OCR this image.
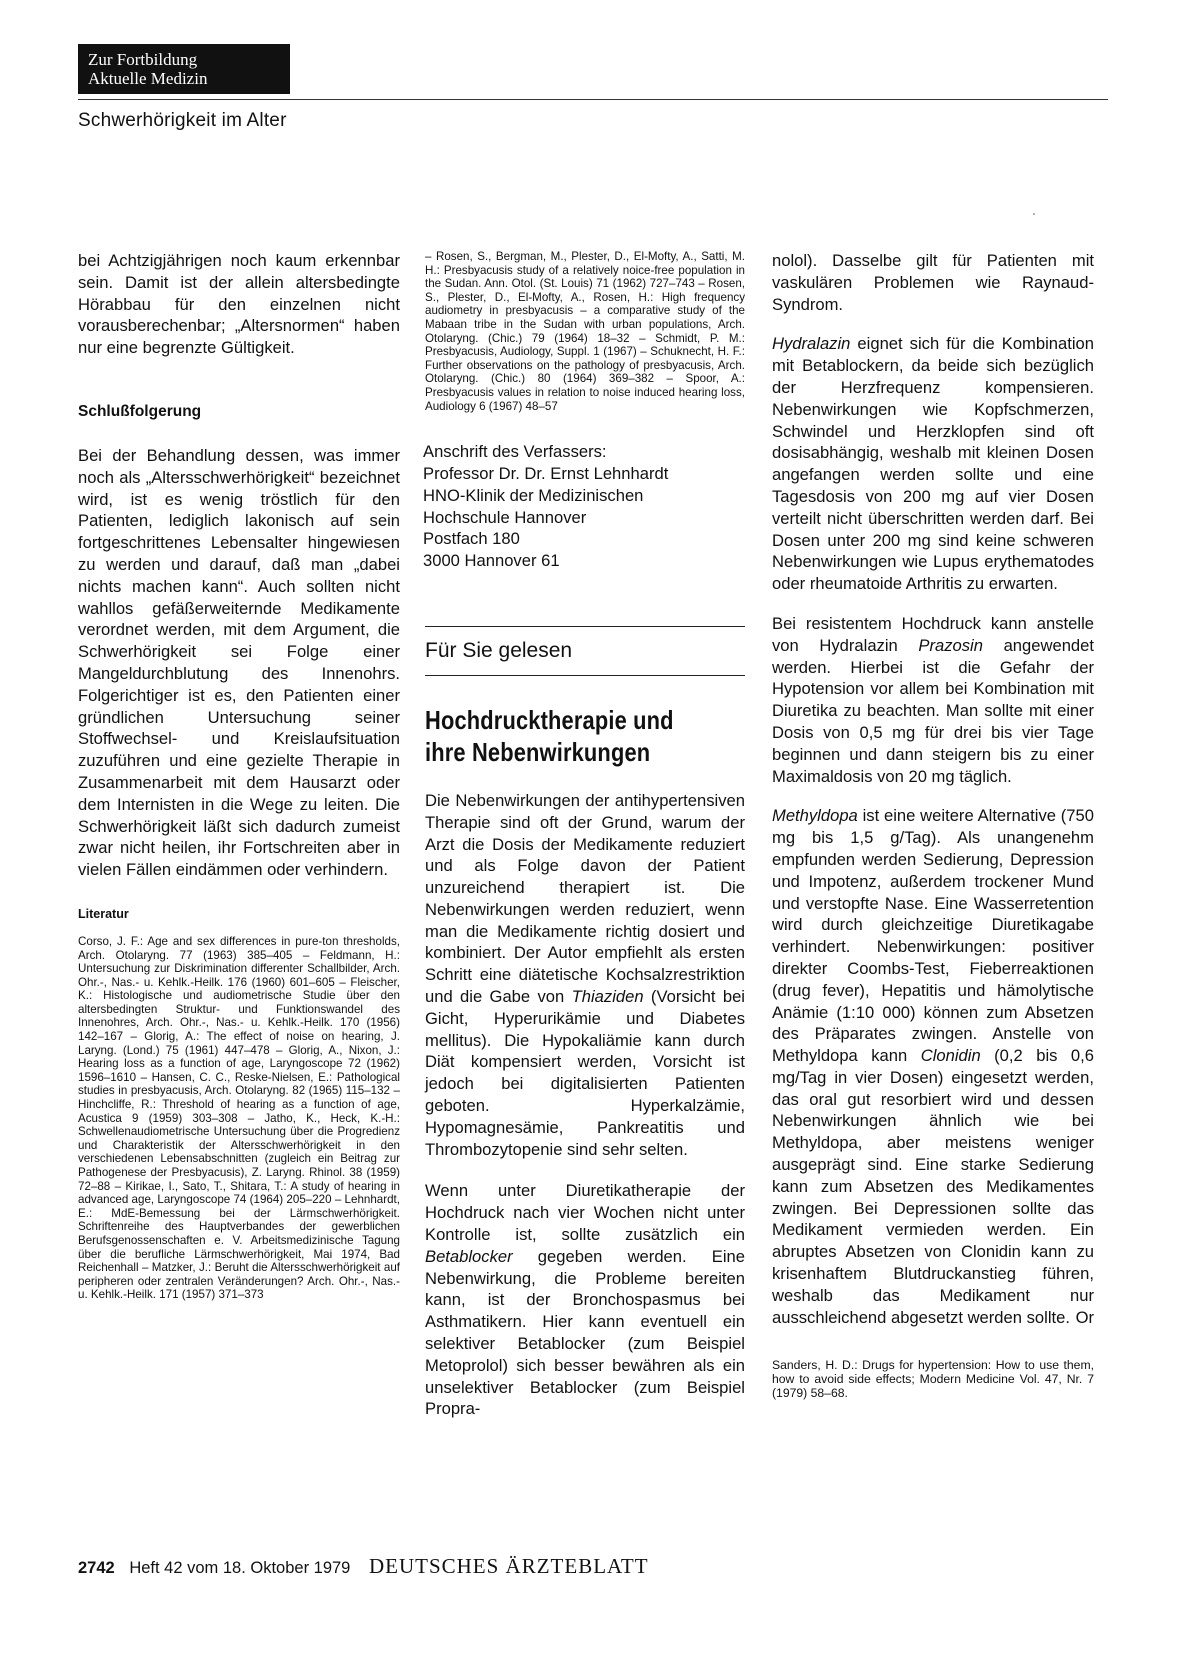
Zur Fortbildung
Aktuelle Medizin
Schwerhörigkeit im Alter

bei Achtzigjährigen noch kaum erkennbar sein. Damit ist der allein altersbedingte Hörabbau für den einzelnen nicht vorausberechenbar; „Altersnormen“ haben nur eine begrenzte Gültigkeit.

Schlußfolgerung

Bei der Behandlung dessen, was immer noch als „Altersschwerhörigkeit“ bezeichnet wird, ist es wenig tröstlich für den Patienten, lediglich lakonisch auf sein fortgeschrittenes Lebensalter hingewiesen zu werden und darauf, daß man „dabei nichts machen kann“. Auch sollten nicht wahllos gefäßerweiternde Medikamente verordnet werden, mit dem Argument, die Schwerhörigkeit sei Folge einer Mangeldurchblutung des Innenohrs. Folgerichtiger ist es, den Patienten einer gründlichen Untersuchung seiner Stoffwechsel- und Kreislaufsituation zuzuführen und eine gezielte Therapie in Zusammenarbeit mit dem Hausarzt oder dem Internisten in die Wege zu leiten. Die Schwerhörigkeit läßt sich dadurch zumeist zwar nicht heilen, ihr Fortschreiten aber in vielen Fällen eindämmen oder verhindern.

Literatur

Corso, J. F.: Age and sex differences in pure-ton thresholds, Arch. Otolaryng. 77 (1963) 385–405 – Feldmann, H.: Untersuchung zur Diskrimination differenter Schallbilder, Arch. Ohr.-, Nas.- u. Kehlk.-Heilk. 176 (1960) 601–605 – Fleischer, K.: Histologische und audiometrische Studie über den altersbedingten Struktur- und Funktionswandel des Innenohres, Arch. Ohr.-, Nas.- u. Kehlk.-Heilk. 170 (1956) 142–167 – Glorig, A.: The effect of noise on hearing, J. Laryng. (Lond.) 75 (1961) 447–478 – Glorig, A., Nixon, J.: Hearing loss as a function of age, Laryngoscope 72 (1962) 1596–1610 – Hansen, C. C., Reske-Nielsen, E.: Pathological studies in presbyacusis, Arch. Otolaryng. 82 (1965) 115–132 – Hinchcliffe, R.: Threshold of hearing as a function of age, Acustica 9 (1959) 303–308 – Jatho, K., Heck, K.-H.: Schwellenaudiometrische Untersuchung über die Progredienz und Charakteristik der Altersschwerhörigkeit in den verschiedenen Lebensabschnitten (zugleich ein Beitrag zur Pathogenese der Presbyacusis), Z. Laryng. Rhinol. 38 (1959) 72–88 – Kirikae, I., Sato, T., Shitara, T.: A study of hearing in advanced age, Laryngoscope 74 (1964) 205–220 – Lehnhardt, E.: MdE-Bemessung bei der Lärmschwerhörigkeit. Schriftenreihe des Hauptverbandes der gewerblichen Berufsgenossenschaften e. V. Arbeitsmedizinische Tagung über die berufliche Lärmschwerhörigkeit, Mai 1974, Bad Reichenhall – Matzker, J.: Beruht die Altersschwerhörigkeit auf peripheren oder zentralen Veränderungen? Arch. Ohr.-, Nas.- u. Kehlk.-Heilk. 171 (1957) 371–373

– Rosen, S., Bergman, M., Plester, D., El-Mofty, A., Satti, M. H.: Presbyacusis study of a relatively noice-free population in the Sudan. Ann. Otol. (St. Louis) 71 (1962) 727–743 – Rosen, S., Plester, D., El-Mofty, A., Rosen, H.: High frequency audiometry in presbyacusis – a comparative study of the Mabaan tribe in the Sudan with urban populations, Arch. Otolaryng. (Chic.) 79 (1964) 18–32 – Schmidt, P. M.: Presbyacusis, Audiology, Suppl. 1 (1967) – Schuknecht, H. F.: Further observations on the pathology of presbyacusis, Arch. Otolaryng. (Chic.) 80 (1964) 369–382 – Spoor, A.: Presbyacusis values in relation to noise induced hearing loss, Audiology 6 (1967) 48–57

Anschrift des Verfassers:
Professor Dr. Dr. Ernst Lehnhardt
HNO-Klinik der Medizinischen
Hochschule Hannover
Postfach 180
3000 Hannover 61

Für Sie gelesen

Hochdrucktherapie und

ihre Nebenwirkungen

Die Nebenwirkungen der antihypertensiven Therapie sind oft der Grund, warum der Arzt die Dosis der Medikamente reduziert und als Folge davon der Patient unzureichend therapiert ist. Die Nebenwirkungen werden reduziert, wenn man die Medikamente richtig dosiert und kombiniert. Der Autor empfiehlt als ersten Schritt eine diätetische Kochsalzrestriktion und die Gabe von Thiaziden (Vorsicht bei Gicht, Hyperurikämie und Diabetes mellitus). Die Hypokaliämie kann durch Diät kompensiert werden, Vorsicht ist jedoch bei digitalisierten Patienten geboten. Hyperkalzämie, Hypomagnesämie, Pankreatitis und Thrombozytopenie sind sehr selten.

Wenn unter Diuretikatherapie der Hochdruck nach vier Wochen nicht unter Kontrolle ist, sollte zusätzlich ein Betablocker gegeben werden. Eine Nebenwirkung, die Probleme bereiten kann, ist der Bronchospasmus bei Asthmatikern. Hier kann eventuell ein selektiver Betablocker (zum Beispiel Metoprolol) sich besser bewähren als ein unselektiver Betablocker (zum Beispiel Propra-

nolol). Dasselbe gilt für Patienten mit vaskulären Problemen wie Raynaud-Syndrom.

Hydralazin eignet sich für die Kombination mit Betablockern, da beide sich bezüglich der Herzfrequenz kompensieren. Nebenwirkungen wie Kopfschmerzen, Schwindel und Herzklopfen sind oft dosisabhängig, weshalb mit kleinen Dosen angefangen werden sollte und eine Tagesdosis von 200 mg auf vier Dosen verteilt nicht überschritten werden darf. Bei Dosen unter 200 mg sind keine schweren Nebenwirkungen wie Lupus erythematodes oder rheumatoide Arthritis zu erwarten.

Bei resistentem Hochdruck kann anstelle von Hydralazin Prazosin angewendet werden. Hierbei ist die Gefahr der Hypotension vor allem bei Kombination mit Diuretika zu beachten. Man sollte mit einer Dosis von 0,5 mg für drei bis vier Tage beginnen und dann steigern bis zu einer Maximaldosis von 20 mg täglich.

Methyldopa ist eine weitere Alternative (750 mg bis 1,5 g/Tag). Als unangenehm empfunden werden Sedierung, Depression und Impotenz, außerdem trockener Mund und verstopfte Nase. Eine Wasserretention wird durch gleichzeitige Diuretikagabe verhindert. Nebenwirkungen: positiver direkter Coombs-Test, Fieberreaktionen (drug fever), Hepatitis und hämolytische Anämie (1:10 000) können zum Absetzen des Präparates zwingen. Anstelle von Methyldopa kann Clonidin (0,2 bis 0,6 mg/Tag in vier Dosen) eingesetzt werden, das oral gut resorbiert wird und dessen Nebenwirkungen ähnlich wie bei Methyldopa, aber meistens weniger ausgeprägt sind. Eine starke Sedierung kann zum Absetzen des Medikamentes zwingen. Bei Depressionen sollte das Medikament vermieden werden. Ein abruptes Absetzen von Clonidin kann zu krisenhaftem Blutdruckanstieg führen, weshalb das Medikament nur ausschleichend abgesetzt werden sollte. Or

Sanders, H. D.: Drugs for hypertension: How to use them, how to avoid side effects; Modern Medicine Vol. 47, Nr. 7 (1979) 58–68.

2742 Heft 42 vom 18. Oktober 1979 DEUTSCHES ÄRZTEBLATT
